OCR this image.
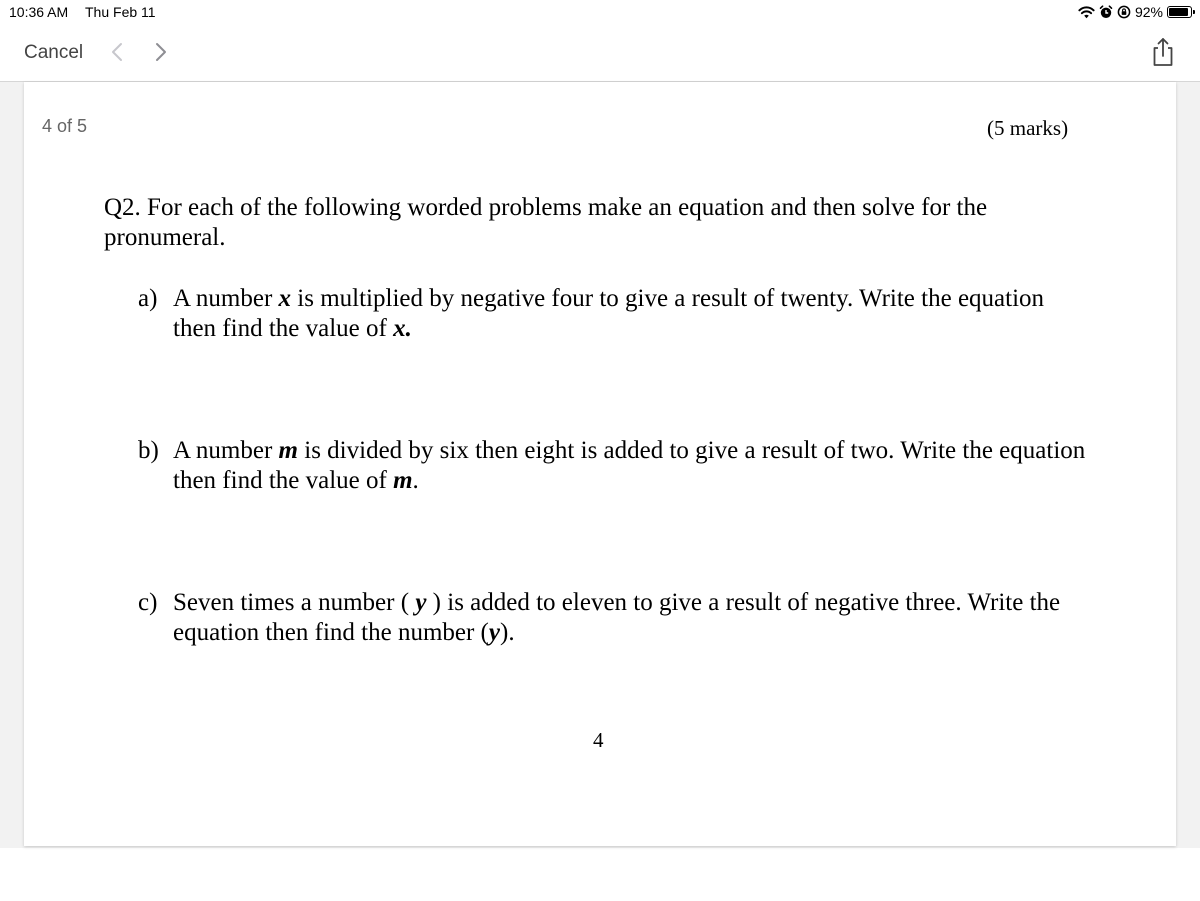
10:36 AM Thu Feb 11	92%
Cancel
4 of 5	(5 marks)
Q2. For each of the following worded problems make an equation and then solve for the pronumeral.
a) A number x is multiplied by negative four to give a result of twenty. Write the equation then find the value of x.
b) A number m is divided by six then eight is added to give a result of two. Write the equation then find the value of m.
c) Seven times a number ( y ) is added to eleven to give a result of negative three. Write the equation then find the number (y).
4
